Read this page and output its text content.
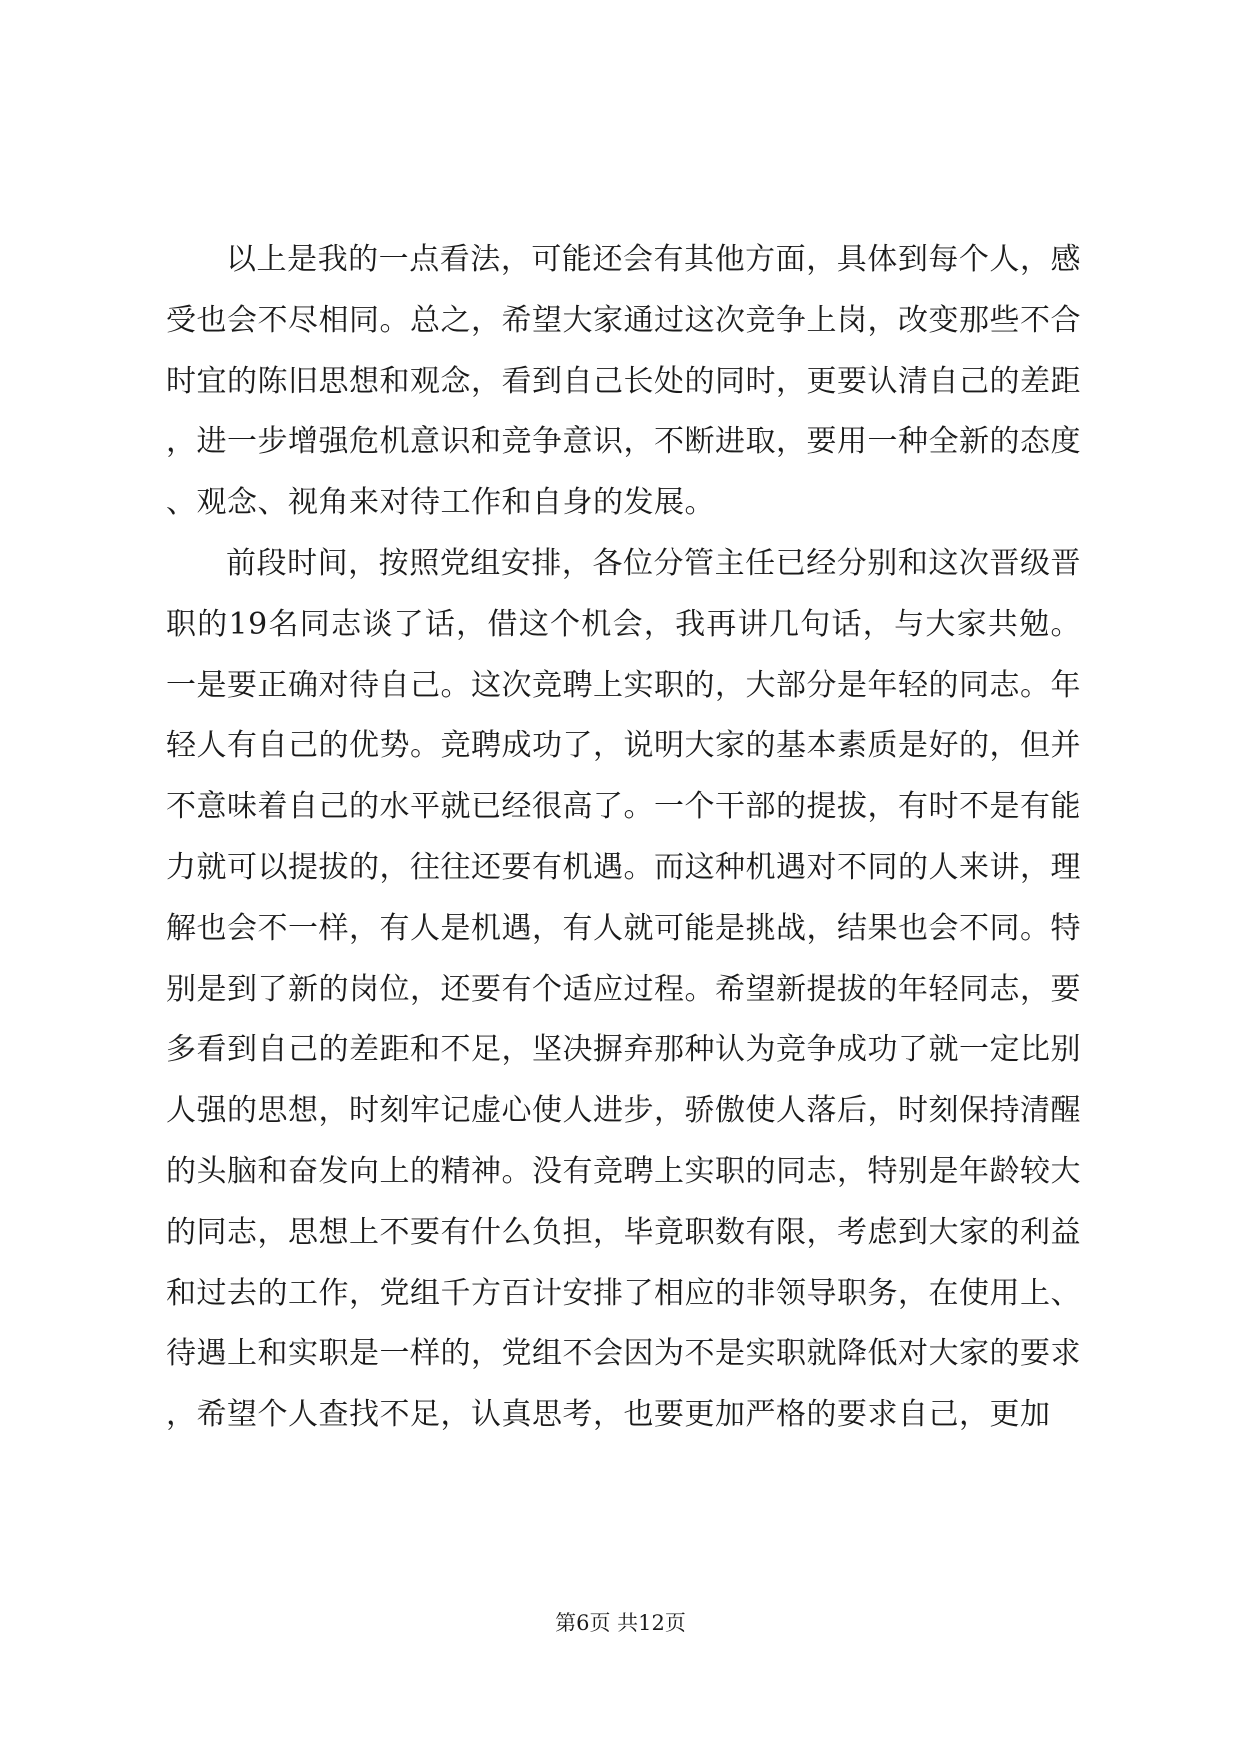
以上是我的一点看法，可能还会有其他方面，具体到每个人，感受也会不尽相同。总之，希望大家通过这次竞争上岗，改变那些不合时宜的陈旧思想和观念，看到自己长处的同时，更要认清自己的差距，进一步增强危机意识和竞争意识，不断进取，要用一种全新的态度、观念、视角来对待工作和自身的发展。

前段时间，按照党组安排，各位分管主任已经分别和这次晋级晋职的19名同志谈了话，借这个机会，我再讲几句话，与大家共勉。一是要正确对待自己。这次竞聘上实职的，大部分是年轻的同志。年轻人有自己的优势。竞聘成功了，说明大家的基本素质是好的，但并不意味着自己的水平就已经很高了。一个干部的提拔，有时不是有能力就可以提拔的，往往还要有机遇。而这种机遇对不同的人来讲，理解也会不一样，有人是机遇，有人就可能是挑战，结果也会不同。特别是到了新的岗位，还要有个适应过程。希望新提拔的年轻同志，要多看到自己的差距和不足，坚决摒弃那种认为竞争成功了就一定比别人强的思想，时刻牢记虚心使人进步，骄傲使人落后，时刻保持清醒的头脑和奋发向上的精神。没有竞聘上实职的同志，特别是年龄较大的同志，思想上不要有什么负担，毕竟职数有限，考虑到大家的利益和过去的工作，党组千方百计安排了相应的非领导职务，在使用上、待遇上和实职是一样的，党组不会因为不是实职就降低对大家的要求，希望个人查找不足，认真思考，也要更加严格的要求自己，更加

第6页 共12页
